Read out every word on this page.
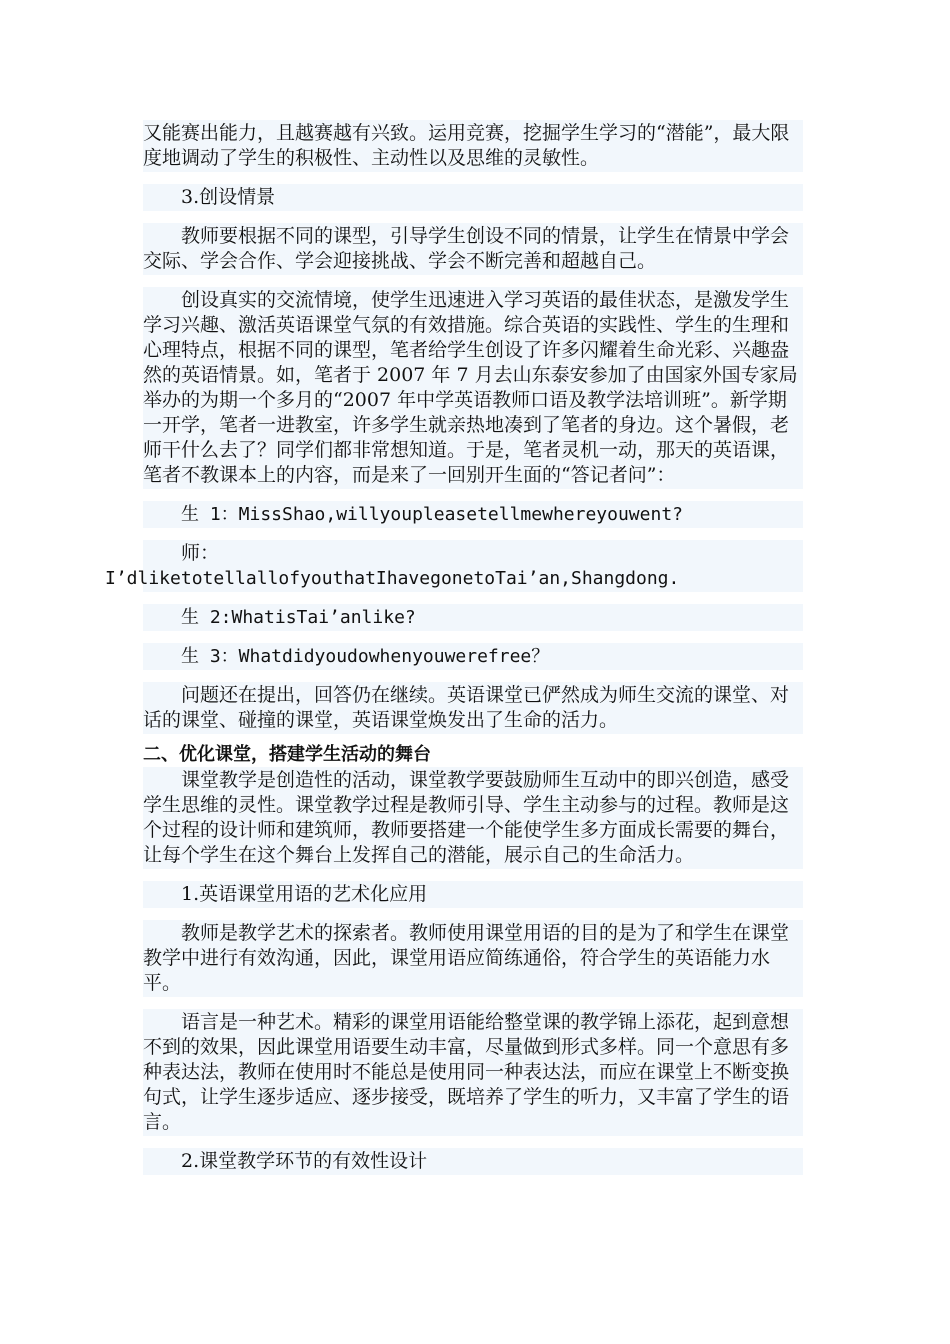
又能赛出能力，且越赛越有兴致。运用竞赛，挖掘学生学习的“潜能”，最大限度地调动了学生的积极性、主动性以及思维的灵敏性。

3.创设情景

教师要根据不同的课型，引导学生创设不同的情景，让学生在情景中学会交际、学会合作、学会迎接挑战、学会不断完善和超越自己。

创设真实的交流情境，使学生迅速进入学习英语的最佳状态，是激发学生学习兴趣、激活英语课堂气氛的有效措施。综合英语的实践性、学生的生理和心理特点，根据不同的课型，笔者给学生创设了许多闪耀着生命光彩、兴趣盎然的英语情景。如，笔者于 2007 年 7 月去山东泰安参加了由国家外国专家局举办的为期一个多月的“2007 年中学英语教师口语及教学法培训班”。新学期一开学，笔者一进教室，许多学生就亲热地凑到了笔者的身边。这个暑假，老师干什么去了？同学们都非常想知道。于是，笔者灵机一动，那天的英语课，笔者不教课本上的内容，而是来了一回别开生面的“答记者问”：

生 1：MissShao,willyoupleasetellmewhereyouwent?

师：
I’dliketotellallofyouthatIhavegonetoTai’an,Shangdong.

生 2:WhatisTai’anlike?

生 3：Whatdidyoudowhenyouwerefree？

问题还在提出，回答仍在继续。英语课堂已俨然成为师生交流的课堂、对话的课堂、碰撞的课堂，英语课堂焕发出了生命的活力。

二、优化课堂，搭建学生活动的舞台

课堂教学是创造性的活动，课堂教学要鼓励师生互动中的即兴创造，感受学生思维的灵性。课堂教学过程是教师引导、学生主动参与的过程。教师是这个过程的设计师和建筑师，教师要搭建一个能使学生多方面成长需要的舞台，让每个学生在这个舞台上发挥自己的潜能，展示自己的生命活力。

1.英语课堂用语的艺术化应用

教师是教学艺术的探索者。教师使用课堂用语的目的是为了和学生在课堂教学中进行有效沟通，因此，课堂用语应简练通俗，符合学生的英语能力水平。

语言是一种艺术。精彩的课堂用语能给整堂课的教学锦上添花，起到意想不到的效果，因此课堂用语要生动丰富，尽量做到形式多样。同一个意思有多种表达法，教师在使用时不能总是使用同一种表达法，而应在课堂上不断变换句式，让学生逐步适应、逐步接受，既培养了学生的听力，又丰富了学生的语言。

2.课堂教学环节的有效性设计
